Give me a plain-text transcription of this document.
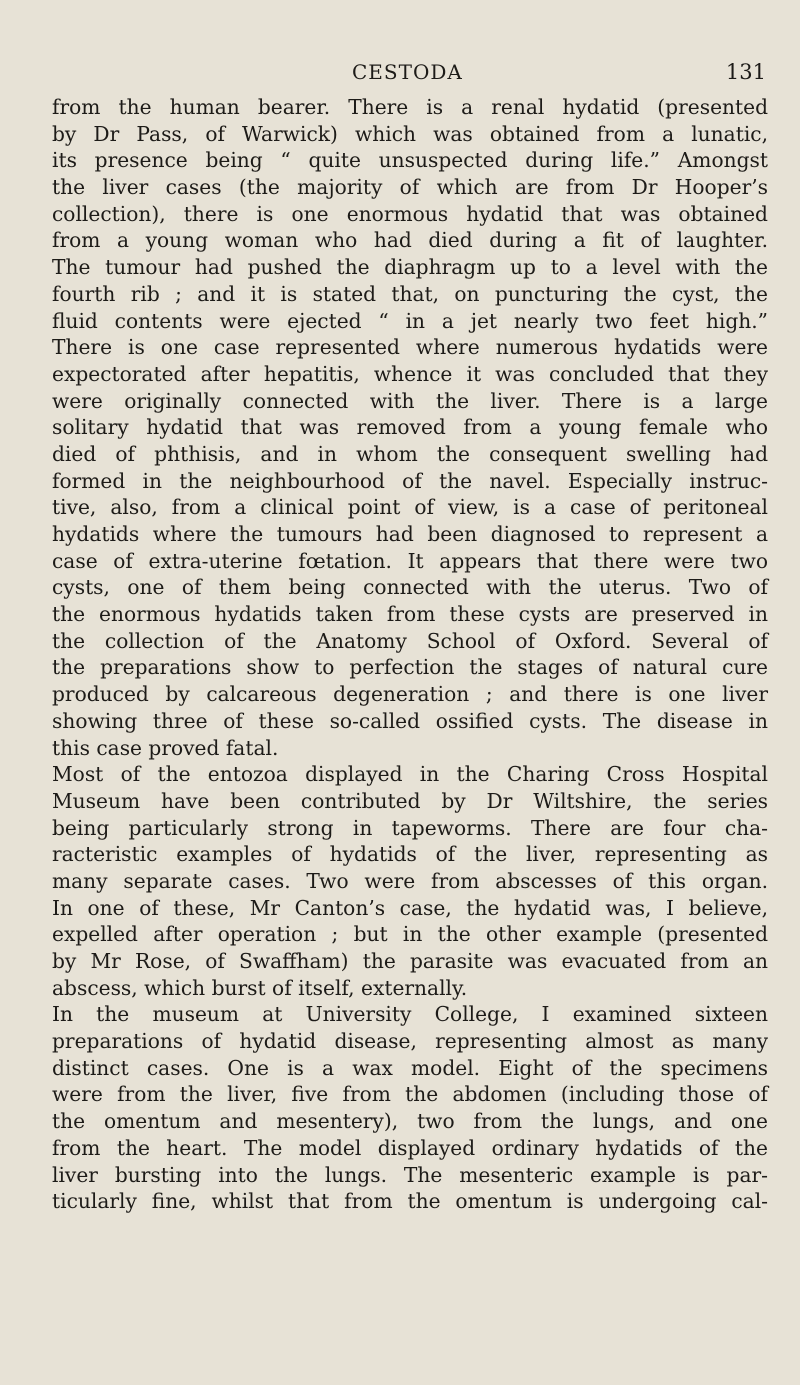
CESTODA	131
from the human bearer. There is a renal hydatid (presented
by Dr Pass, of Warwick) which was obtained from a lunatic,
its presence being “ quite unsuspected during life.” Amongst
the liver cases (the majority of which are from Dr Hooper’s
collection), there is one enormous hydatid that was obtained
from a young woman who had died during a fit of laughter.
The tumour had pushed the diaphragm up to a level with the
fourth rib ; and it is stated that, on puncturing the cyst, the
fluid contents were ejected “ in a jet nearly two feet high.”
There is one case represented where numerous hydatids were
expectorated after hepatitis, whence it was concluded that they
were originally connected with the liver. There is a large
solitary hydatid that was removed from a young female who
died of phthisis, and in whom the consequent swelling had
formed in the neighbourhood of the navel. Especially instruc-
tive, also, from a clinical point of view, is a case of peritoneal
hydatids where the tumours had been diagnosed to represent a
case of extra-uterine fœtation. It appears that there were two
cysts, one of them being connected with the uterus. Two of
the enormous hydatids taken from these cysts are preserved in
the collection of the Anatomy School of Oxford. Several of
the preparations show to perfection the stages of natural cure
produced by calcareous degeneration ; and there is one liver
showing three of these so-called ossified cysts. The disease in
this case proved fatal.
Most of the entozoa displayed in the Charing Cross Hospital
Museum have been contributed by Dr Wiltshire, the series
being particularly strong in tapeworms. There are four cha-
racteristic examples of hydatids of the liver, representing as
many separate cases. Two were from abscesses of this organ.
In one of these, Mr Canton’s case, the hydatid was, I believe,
expelled after operation ; but in the other example (presented
by Mr Rose, of Swaffham) the parasite was evacuated from an
abscess, which burst of itself, externally.
In the museum at University College, I examined sixteen
preparations of hydatid disease, representing almost as many
distinct cases. One is a wax model. Eight of the specimens
were from the liver, five from the abdomen (including those of
the omentum and mesentery), two from the lungs, and one
from the heart. The model displayed ordinary hydatids of the
liver bursting into the lungs. The mesenteric example is par-
ticularly fine, whilst that from the omentum is undergoing cal-
